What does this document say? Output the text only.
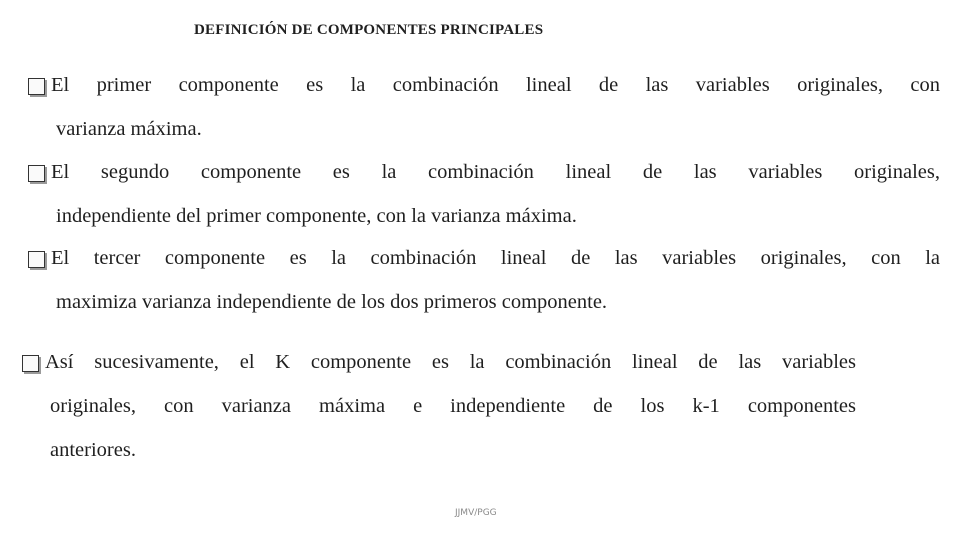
DEFINICIÓN DE COMPONENTES PRINCIPALES
El primer componente es la combinación lineal de las variables originales, con
varianza máxima.
El segundo componente es la combinación lineal de las variables originales,
independiente del primer componente, con la varianza máxima.
El tercer componente es la combinación lineal de las variables originales, con la
maximiza varianza independiente de los dos primeros componente.
Así sucesivamente, el K componente es la combinación lineal de las variables
originales, con varianza máxima e independiente de los k-1 componentes
anteriores.
JJMV/PGG
